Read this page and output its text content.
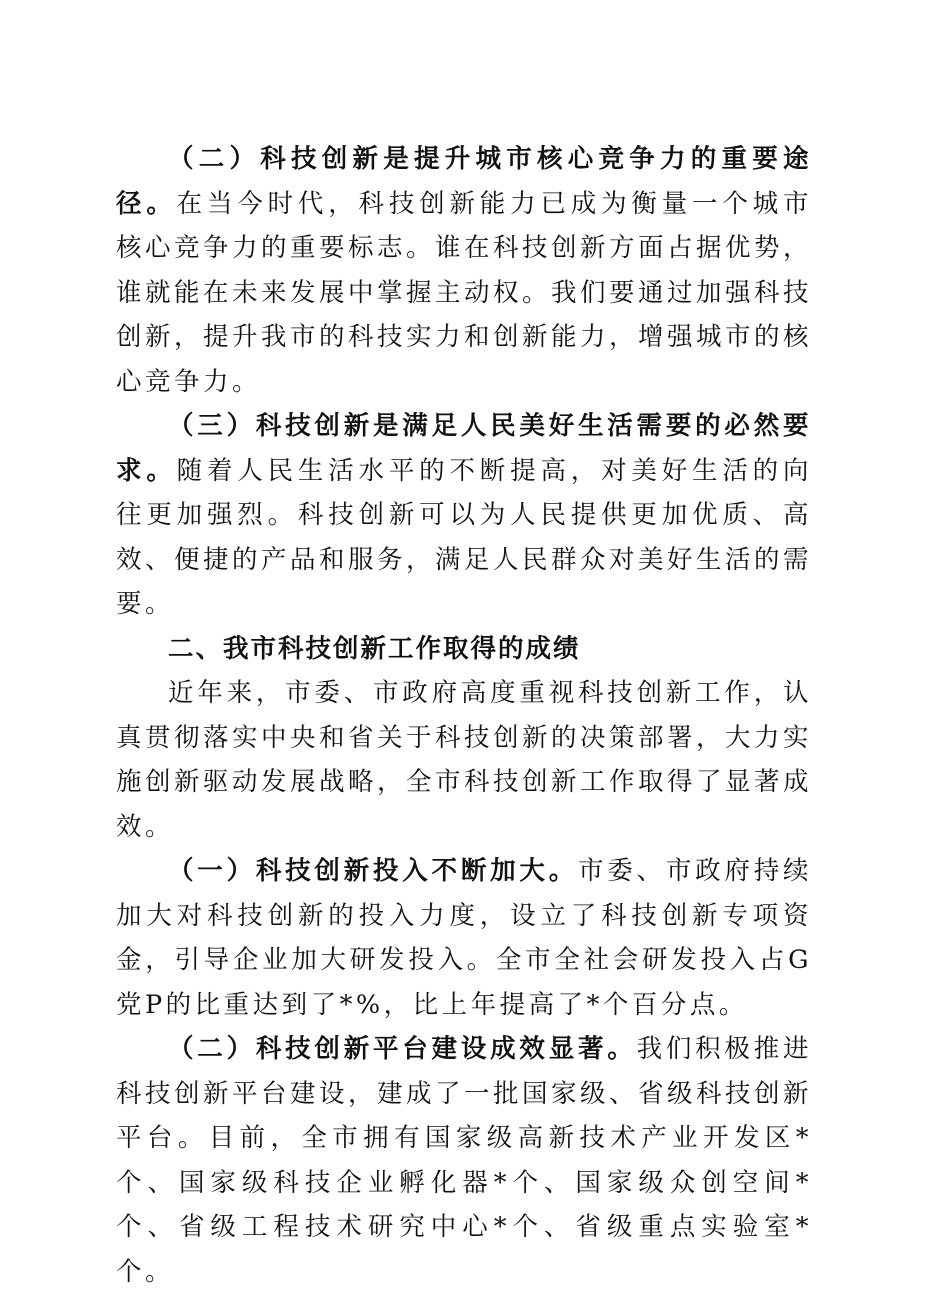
（二）科技创新是提升城市核心竞争力的重要途径。在当今时代，科技创新能力已成为衡量一个城市核心竞争力的重要标志。谁在科技创新方面占据优势，谁就能在未来发展中掌握主动权。我们要通过加强科技创新，提升我市的科技实力和创新能力，增强城市的核心竞争力。

（三）科技创新是满足人民美好生活需要的必然要求。随着人民生活水平的不断提高，对美好生活的向往更加强烈。科技创新可以为人民提供更加优质、高效、便捷的产品和服务，满足人民群众对美好生活的需要。

二、我市科技创新工作取得的成绩

近年来，市委、市政府高度重视科技创新工作，认真贯彻落实中央和省关于科技创新的决策部署，大力实施创新驱动发展战略，全市科技创新工作取得了显著成效。

（一）科技创新投入不断加大。市委、市政府持续加大对科技创新的投入力度，设立了科技创新专项资金，引导企业加大研发投入。全市全社会研发投入占G党P的比重达到了*%，比上年提高了*个百分点。

（二）科技创新平台建设成效显著。我们积极推进科技创新平台建设，建成了一批国家级、省级科技创新平台。目前，全市拥有国家级高新技术产业开发区*个、国家级科技企业孵化器*个、国家级众创空间*个、省级工程技术研究中心*个、省级重点实验室*个。
